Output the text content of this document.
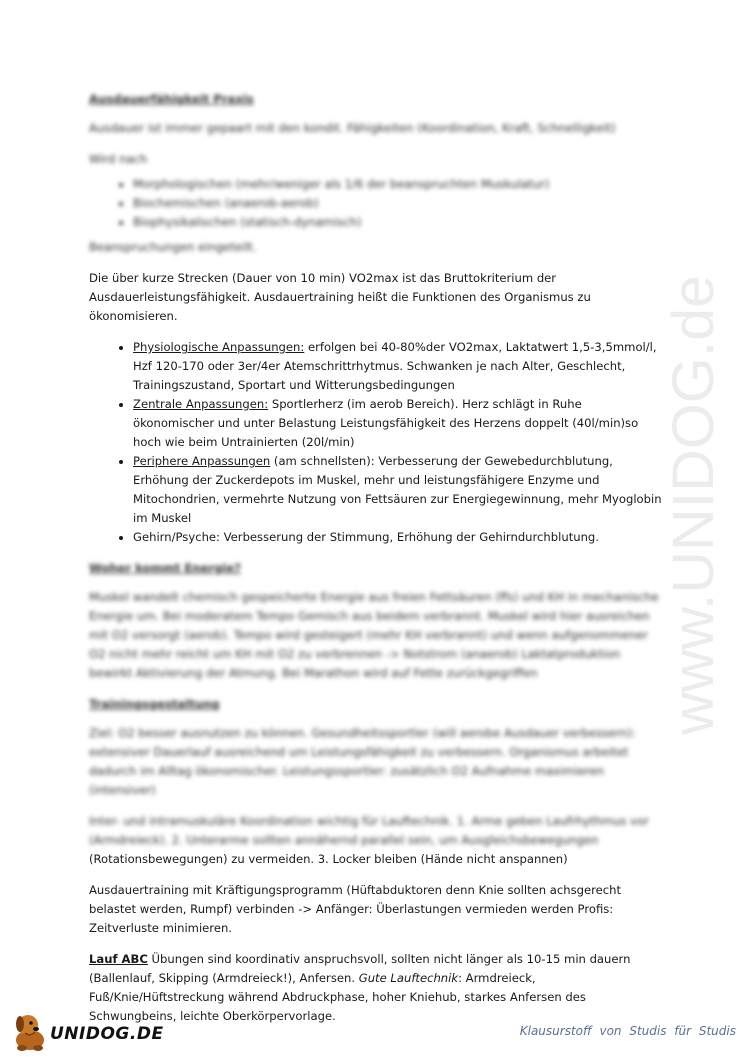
Ausdauerfähigkeit Praxis

Ausdauer ist immer gepaart mit den kondit. Fähigkeiten (Koordination, Kraft, Schnelligkeit)

Wird nach

• Morphologischen (mehr/weniger als 1/6 der beanspruchten Muskulatur)
• Biochemischen (anaerob-aerob)
• Biophysikalischen (statisch-dynamisch)

Beanspruchungen eingeteilt.

Die über kurze Strecken (Dauer von 10 min) VO2max ist das Bruttokriterium der Ausdauerleistungsfähigkeit. Ausdauertraining heißt die Funktionen des Organismus zu ökonomisieren.

• Physiologische Anpassungen: erfolgen bei 40-80%der VO2max, Laktatwert 1,5-3,5mmol/l, Hzf 120-170 oder 3er/4er Atemschrittrhytmus. Schwanken je nach Alter, Geschlecht, Trainingszustand, Sportart und Witterungsbedingungen
• Zentrale Anpassungen: Sportlerherz (im aerob Bereich). Herz schlägt in Ruhe ökonomischer und unter Belastung Leistungsfähigkeit des Herzens doppelt (40l/min)so hoch wie beim Untrainierten (20l/min)
• Periphere Anpassungen (am schnellsten): Verbesserung der Gewebedurchblutung, Erhöhung der Zuckerdepots im Muskel, mehr und leistungsfähigere Enzyme und Mitochondrien, vermehrte Nutzung von Fettsäuren zur Energiegewinnung, mehr Myoglobin im Muskel
• Gehirn/Psyche: Verbesserung der Stimmung, Erhöhung der Gehirndurchblutung.

Woher kommt Energie?

Muskel wandelt chemisch gespeicherte Energie aus freien Fettsäuren (ffs) und KH in mechanische Energie um. Bei moderatem Tempo Gemisch aus beidem verbrannt. Muskel wird hier ausreichen mit O2 versorgt (aerob). Tempo wird gesteigert (mehr KH verbrannt) und wenn aufgenommener O2 nicht mehr reicht um KH mit O2 zu verbrennen -> Notstrom (anaerob) Laktatproduktion bewirkt Aktivierung der Atmung. Bei Marathon wird auf Fette zurückgegriffen

Trainingsgestaltung

Ziel: O2 besser ausnutzen zu können. Gesundheitssportler (will aerobe Ausdauer verbessern): extensiver Dauerlauf ausreichend um Leistungsfähigkeit zu verbessern. Organismus arbeitet dadurch im Alltag ökonomischer. Leistungssportler: zusätzlich O2 Aufnahme maximieren (intensiver)

Inter- und intramuskuläre Koordination wichtig für Lauftechnik. 1. Arme geben Laufrhythmus vor (Armdreieck). 2. Unterarme sollten annähernd parallel sein, um Ausgleichsbewegungen

(Rotationsbewegungen) zu vermeiden. 3. Locker bleiben (Hände nicht anspannen)

Ausdauertraining mit Kräftigungsprogramm (Hüftabduktoren denn Knie sollten achsgerecht belastet werden, Rumpf) verbinden -> Anfänger: Überlastungen vermieden werden Profis: Zeitverluste minimieren.

Lauf ABC Übungen sind koordinativ anspruchsvoll, sollten nicht länger als 10-15 min dauern (Ballenlauf, Skipping (Armdreieck!), Anfersen. Gute Lauftechnik: Armdreieck, Fuß/Knie/Hüftstreckung während Abdruckphase, hoher Kniehub, starkes Anfersen des Schwungbeins, leichte Oberkörpervorlage.

www.UNIDOG.de
UNIDOG.DE	Klausurstoff von Studis für Studis
